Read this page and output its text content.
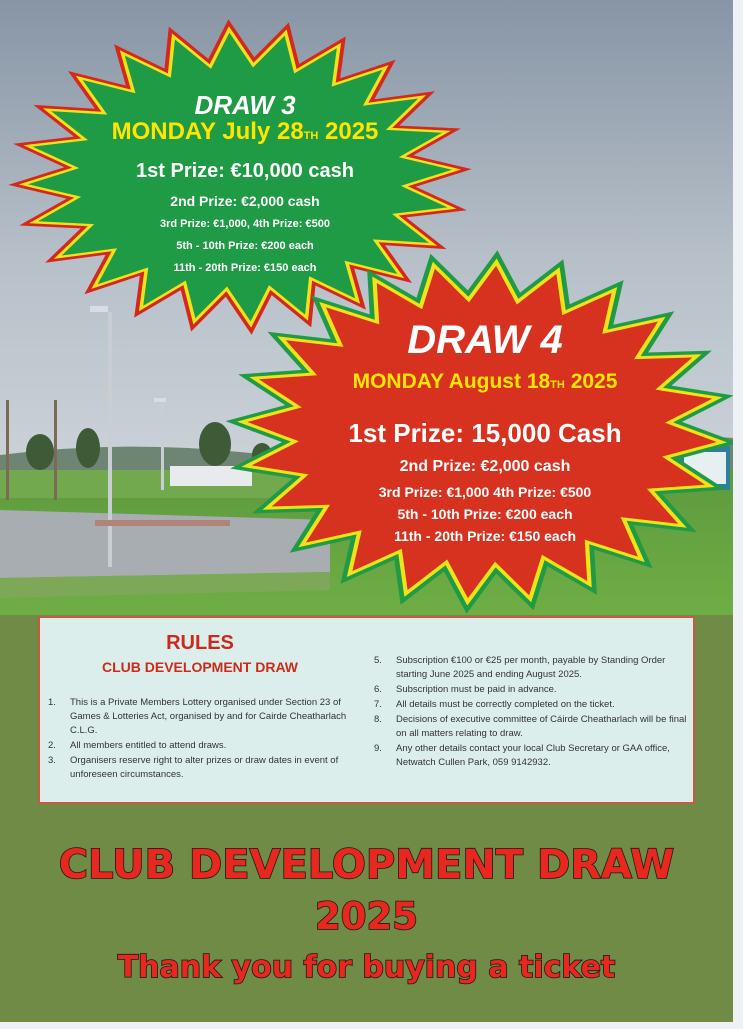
DRAW 3
MONDAY July 28TH 2025
1st Prize: €10,000 cash
2nd Prize: €2,000 cash
3rd Prize: €1,000, 4th Prize: €500
5th - 10th Prize: €200 each
11th - 20th Prize: €150 each
DRAW 4
MONDAY August 18TH 2025
1st Prize: 15,000 Cash
2nd Prize: €2,000 cash
3rd Prize: €1,000 4th Prize: €500
5th - 10th Prize: €200 each
11th - 20th Prize: €150 each
RULES
CLUB DEVELOPMENT DRAW
1.	This is a Private Members Lottery organised under Section 23 of Games & Lotteries Act, organised by and for Cairde Cheatharlach C.L.G.
2.	All members entitled to attend draws.
3.	Organisers reserve right to alter prizes or draw dates in event of unforeseen circumstances.
5.	Subscription €100 or €25 per month, payable by Standing Order starting June 2025 and ending August 2025.
6.	Subscription must be paid in advance.
7.	All details must be correctly completed on the ticket.
8.	Decisions of executive committee of Cáirde Cheatharlach will be final on all matters relating to draw.
9.	Any other details contact your local Club Secretary or GAA office, Netwatch Cullen Park, 059 9142932.
CLUB DEVELOPMENT DRAW
2025
Thank you for buying a ticket
